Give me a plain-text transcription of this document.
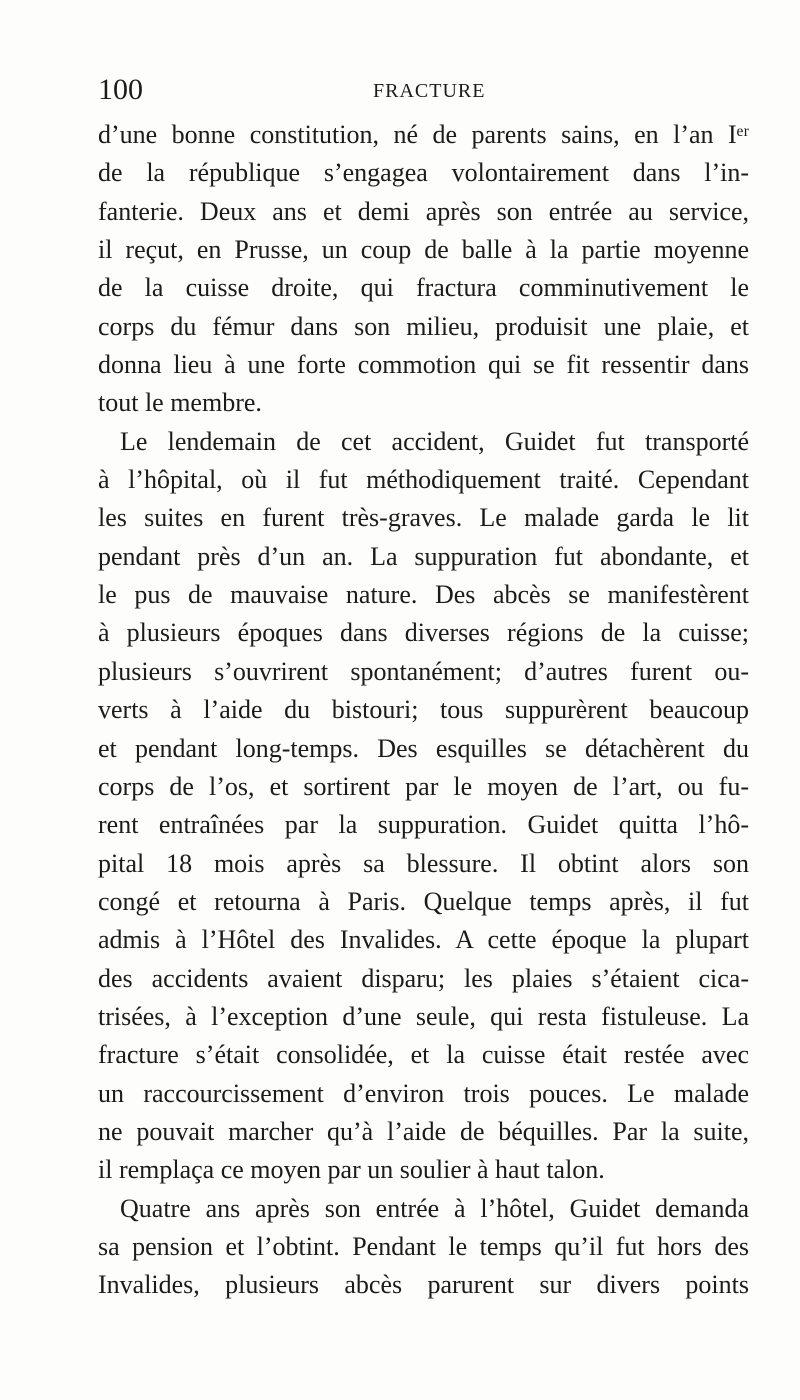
100	FRACTURE
d’une bonne constitution, né de parents sains, en l’an Iᵉʳ
de la république s’engagea volontairement dans l’in-
fanterie. Deux ans et demi après son entrée au service,
il reçut, en Prusse, un coup de balle à la partie moyenne
de la cuisse droite, qui fractura comminutivement le
corps du fémur dans son milieu, produisit une plaie, et
donna lieu à une forte commotion qui se fit ressentir dans
tout le membre.
Le lendemain de cet accident, Guidet fut transporté
à l’hôpital, où il fut méthodiquement traité. Cependant
les suites en furent très-graves. Le malade garda le lit
pendant près d’un an. La suppuration fut abondante, et
le pus de mauvaise nature. Des abcès se manifestèrent
à plusieurs époques dans diverses régions de la cuisse;
plusieurs s’ouvrirent spontanément; d’autres furent ou-
verts à l’aide du bistouri; tous suppurèrent beaucoup
et pendant long-temps. Des esquilles se détachèrent du
corps de l’os, et sortirent par le moyen de l’art, ou fu-
rent entraînées par la suppuration. Guidet quitta l’hô-
pital 18 mois après sa blessure. Il obtint alors son
congé et retourna à Paris. Quelque temps après, il fut
admis à l’Hôtel des Invalides. A cette époque la plupart
des accidents avaient disparu; les plaies s’étaient cica-
trisées, à l’exception d’une seule, qui resta fistuleuse. La
fracture s’était consolidée, et la cuisse était restée avec
un raccourcissement d’environ trois pouces. Le malade
ne pouvait marcher qu’à l’aide de béquilles. Par la suite,
il remplaça ce moyen par un soulier à haut talon.
Quatre ans après son entrée à l’hôtel, Guidet demanda
sa pension et l’obtint. Pendant le temps qu’il fut hors des
Invalides, plusieurs abcès parurent sur divers points
